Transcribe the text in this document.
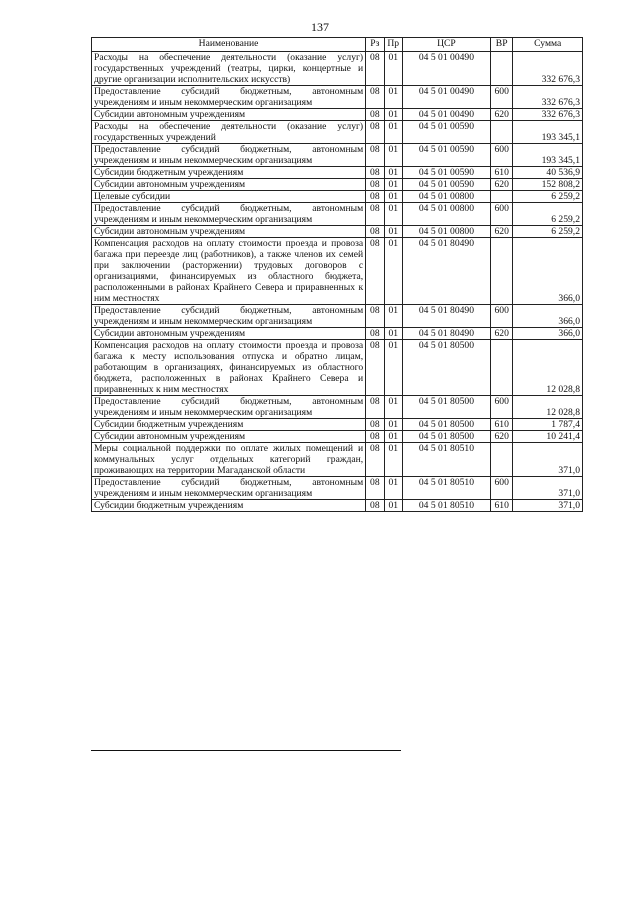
137
Наименование	Рз	Пр	ЦСР	ВР	Сумма
Расходы на обеспечение деятельности (оказание услуг) государственных учреждений (театры, цирки, концертные и другие организации исполнительских искусств)	08	01	04 5 01 00490		332 676,3
Предоставление субсидий бюджетным, автономным учреждениям и иным некоммерческим организациям	08	01	04 5 01 00490	600	332 676,3
Субсидии автономным учреждениям	08	01	04 5 01 00490	620	332 676,3
Расходы на обеспечение деятельности (оказание услуг) государственных учреждений	08	01	04 5 01 00590		193 345,1
Предоставление субсидий бюджетным, автономным учреждениям и иным некоммерческим организациям	08	01	04 5 01 00590	600	193 345,1
Субсидии бюджетным учреждениям	08	01	04 5 01 00590	610	40 536,9
Субсидии автономным учреждениям	08	01	04 5 01 00590	620	152 808,2
Целевые субсидии	08	01	04 5 01 00800		6 259,2
Предоставление субсидий бюджетным, автономным учреждениям и иным некоммерческим организациям	08	01	04 5 01 00800	600	6 259,2
Субсидии автономным учреждениям	08	01	04 5 01 00800	620	6 259,2
Компенсация расходов на оплату стоимости проезда и провоза багажа при переезде лиц (работников), а также членов их семей при заключении (расторжении) трудовых договоров с организациями, финансируемых из областного бюджета, расположенными в районах Крайнего Севера и приравненных к ним местностях	08	01	04 5 01 80490		366,0
Предоставление субсидий бюджетным, автономным учреждениям и иным некоммерческим организациям	08	01	04 5 01 80490	600	366,0
Субсидии автономным учреждениям	08	01	04 5 01 80490	620	366,0
Компенсация расходов на оплату стоимости проезда и провоза багажа к месту использования отпуска и обратно лицам, работающим в организациях, финансируемых из областного бюджета, расположенных в районах Крайнего Севера и приравненных к ним местностях	08	01	04 5 01 80500		12 028,8
Предоставление субсидий бюджетным, автономным учреждениям и иным некоммерческим организациям	08	01	04 5 01 80500	600	12 028,8
Субсидии бюджетным учреждениям	08	01	04 5 01 80500	610	1 787,4
Субсидии автономным учреждениям	08	01	04 5 01 80500	620	10 241,4
Меры социальной поддержки по оплате жилых помещений и коммунальных услуг отдельных категорий граждан, проживающих на территории Магаданской области	08	01	04 5 01 80510		371,0
Предоставление субсидий бюджетным, автономным учреждениям и иным некоммерческим организациям	08	01	04 5 01 80510	600	371,0
Субсидии бюджетным учреждениям	08	01	04 5 01 80510	610	371,0
